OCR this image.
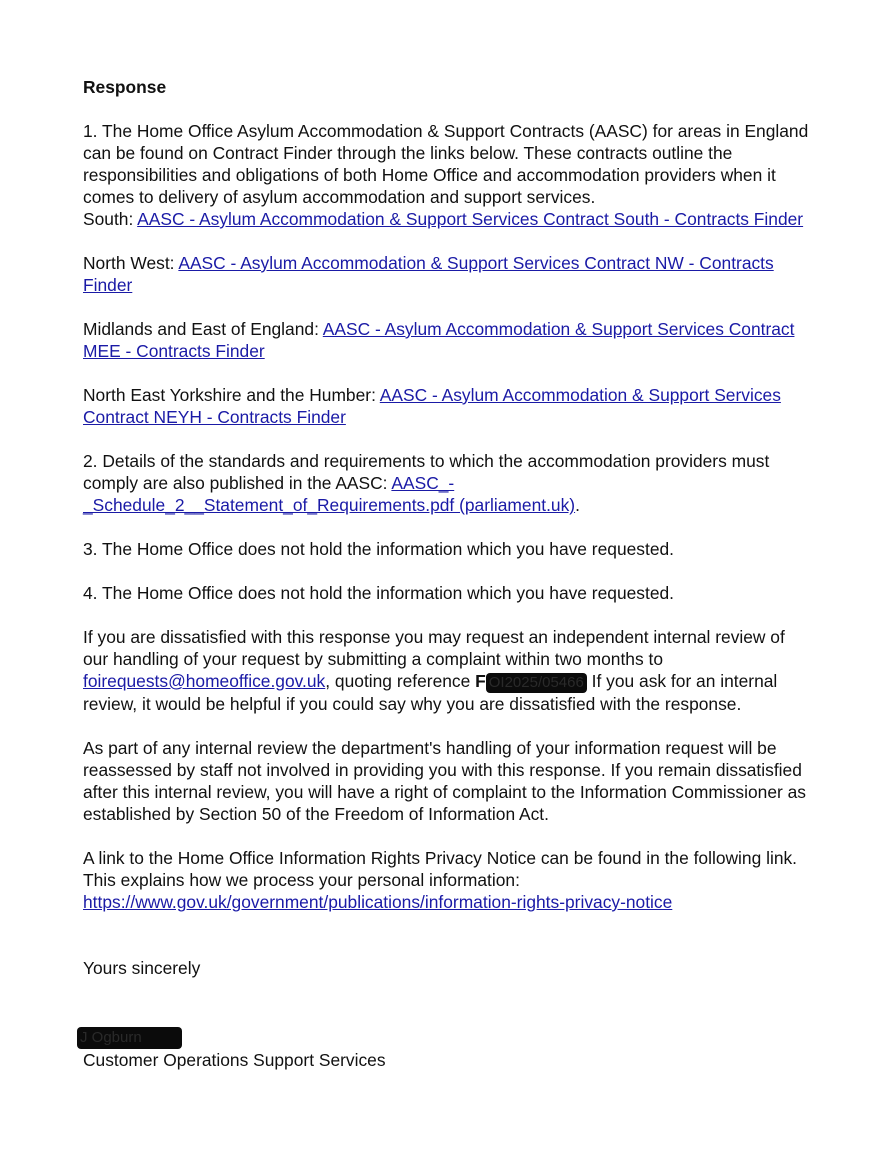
Response

1. The Home Office Asylum Accommodation & Support Contracts (AASC) for areas in England can be found on Contract Finder through the links below. These contracts outline the responsibilities and obligations of both Home Office and accommodation providers when it comes to delivery of asylum accommodation and support services.
South: AASC - Asylum Accommodation & Support Services Contract South - Contracts Finder

North West: AASC - Asylum Accommodation & Support Services Contract NW - Contracts Finder

Midlands and East of England: AASC - Asylum Accommodation & Support Services Contract MEE - Contracts Finder

North East Yorkshire and the Humber: AASC - Asylum Accommodation & Support Services Contract NEYH - Contracts Finder

2. Details of the standards and requirements to which the accommodation providers must comply are also published in the AASC: AASC_-_Schedule_2__Statement_of_Requirements.pdf (parliament.uk).

3. The Home Office does not hold the information which you have requested.

4. The Home Office does not hold the information which you have requested.

If you are dissatisfied with this response you may request an independent internal review of our handling of your request by submitting a complaint within two months to foirequests@homeoffice.gov.uk, quoting reference F OI2025/05466 If you ask for an internal review, it would be helpful if you could say why you are dissatisfied with the response.

As part of any internal review the department's handling of your information request will be reassessed by staff not involved in providing you with this response. If you remain dissatisfied after this internal review, you will have a right of complaint to the Information Commissioner as established by Section 50 of the Freedom of Information Act.

A link to the Home Office Information Rights Privacy Notice can be found in the following link. This explains how we process your personal information:
https://www.gov.uk/government/publications/information-rights-privacy-notice

Yours sincerely

J Ogburn
Customer Operations Support Services
